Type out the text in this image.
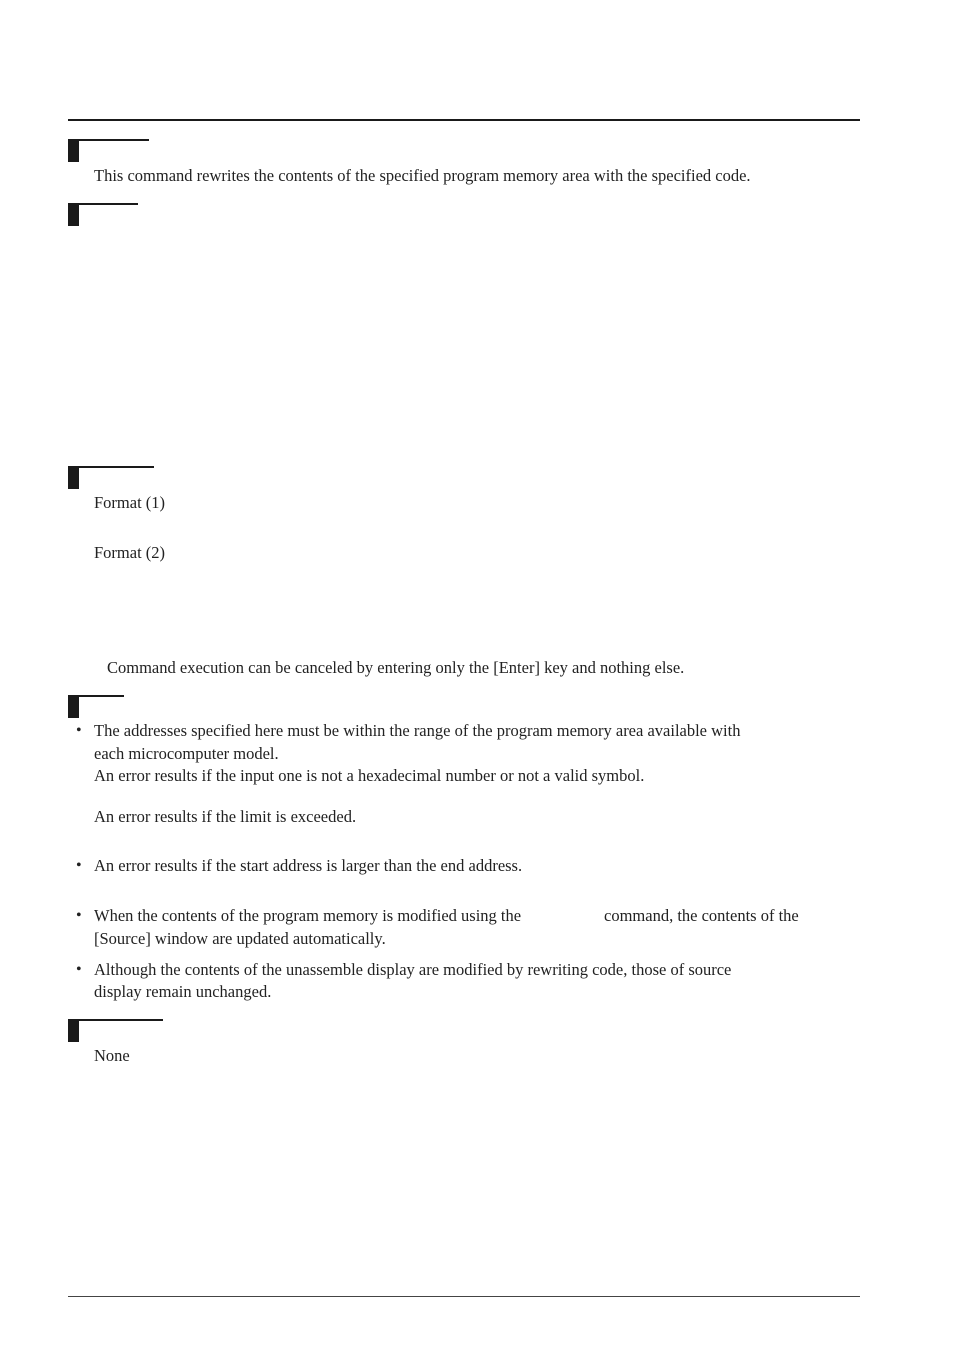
This command rewrites the contents of the specified program memory area with the specified code.
Format (1)
Format (2)
Command execution can be canceled by entering only the [Enter] key and nothing else.
• The addresses specified here must be within the range of the program memory area available with
each microcomputer model.
An error results if the input one is not a hexadecimal number or not a valid symbol.
An error results if the limit is exceeded.
• An error results if the start address is larger than the end address.
• When the contents of the program memory is modified using the	command, the contents of the
[Source] window are updated automatically.
• Although the contents of the unassemble display are modified by rewriting code, those of source
display remain unchanged.
None
